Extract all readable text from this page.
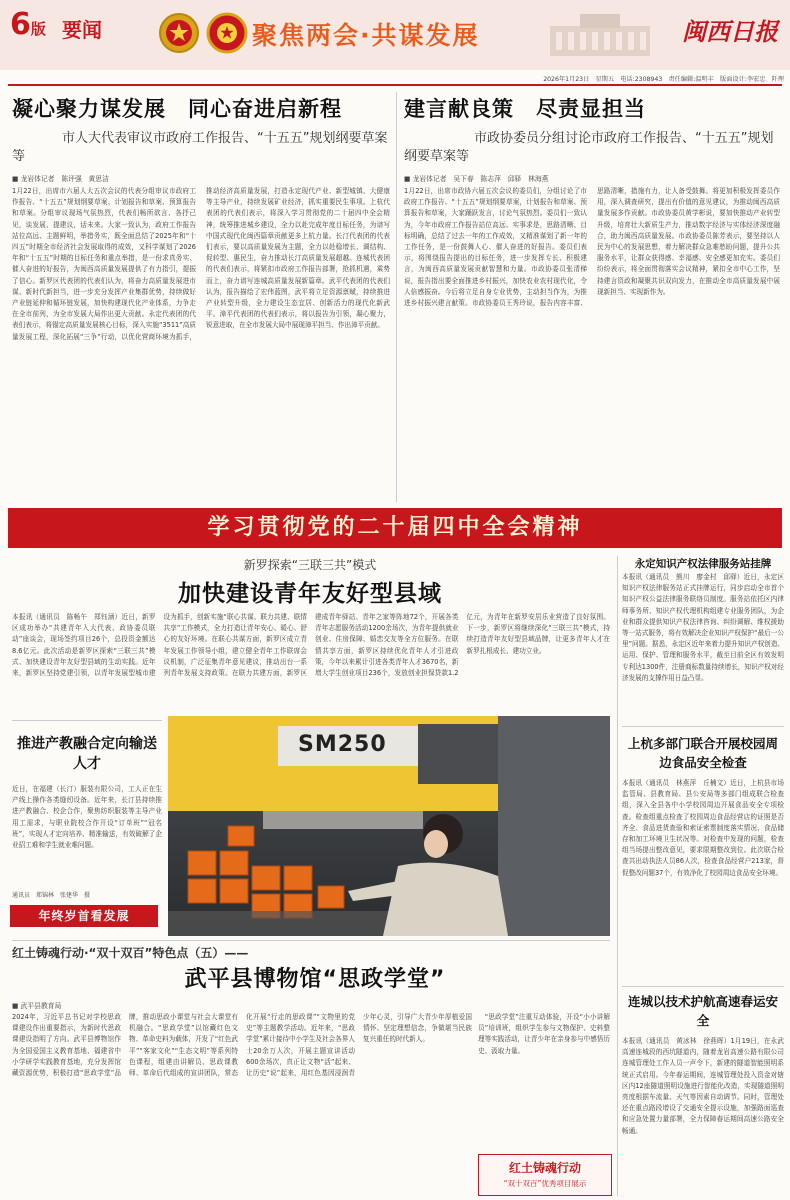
6版 要闻	聚焦两会·共谋发展	闽西日报
2026年1月23日　星期五　电话:2308943　责任编辑:温明丰　版面设计:李宏忠　阡理
凝心聚力谋发展　同心奋进启新程
市人大代表审议市政府工作报告、“十五五”规划纲要草案等
■ 龙岩体记者　陈评强　黄思洁
1月22日，出席市六届人大五次会议的代表分组审议市政府工作报告、“十五五”规划纲要草案、计划报告和草案、预算报告和草案。分组审议现场气氛热烈，代表们畅所欲言、各抒己见，谈发展、提建议，话未来。大家一致认为，政府工作报告站位高远、主题鲜明，举措务实，既全面总结了2025年和“十四五”时期全市经济社会发展取得的成效，又科学谋划了2026年和“十五五”时期的目标任务和重点举措，是一份求真务实、催人奋进的好报告，为闽西高质量发展提供了有力指引，提振了信心。新罗区代表团的代表们认为，将奋力高质量发展进市谋、新时代新担当，进一步充分发挥产业集群优势，持续做好产业链延伸和循环链发展，加快构建现代化产业体系，力争走在全市前列，为全市发展大局作出更大贡献。永定代表团的代表们表示，将锚定高质量发展核心目标，深入实施“3511”高质量发展工程，深化拓展“三争”行动，以优化营商环境为抓手，推动经济高质量发展，打造永定现代产业、新型城镇、大健康等主导产业，持续发展矿业经济，抓实重要民生事项。上杭代表团的代表们表示，将深入学习贯彻党的二十届四中全会精神，统筹推进城乡建设，全力以赴完成年度目标任务，为谱写中国式现代化闽西篇章贡献更多上杭力量。长汀代表团的代表们表示，要以高质量发展为主题，全力以赴稳增长、调结构、促转型、惠民生，奋力推动长汀高质量发展超越。连城代表团的代表们表示，将紧扣市政府工作报告部署，抢抓机遇，乘势而上，奋力谱写连城高质量发展新篇章。武平代表团的代表们认为，报告描绘了宏伟蓝图，武平将立足资源禀赋，持续推进产业转型升级，全力建设生态宜居、创新活力的现代化新武平。漳平代表团的代表们表示，将以报告为引领，凝心聚力，锐意进取，在全市发展大局中展现漳平担当、作出漳平贡献。
建言献良策　尽责显担当
市政协委员分组讨论市政府工作报告、“十五五”规划纲要草案等
■ 龙岩体记者　吴下春　陈志萍　邱驿　林海燕
1月22日，出席市政协六届五次会议的委员们，分组讨论了市政府工作报告、“十五五”规划纲要草案，计划报告和草案、预算报告和草案，大家踊跃发言，讨论气氛热烈。委员们一致认为，今年市政府工作报告站位高远、实事求是，思路清晰、目标明确，总结了过去一年的工作成效，又精准谋划了新一年的工作任务，是一份鼓舞人心、催人奋进的好报告。委员们表示，将围绕报告提出的目标任务，进一步发挥专长、积极建言，为闽西高质量发展贡献智慧和力量。市政协委员张清梯说，报告指出要全面推进乡村振兴，加快农业农村现代化，令人倍感振奋。今后将立足自身专业优势，主动担当作为，为推进乡村振兴建言献策。市政协委员王秀玲说，报告内容丰富、思路清晰，措施有力，让人备受鼓舞。将更加积极发挥委员作用，深入调查研究，提出有价值的意见建议，为推动闽西高质量发展多作贡献。市政协委员黄学彬说，要加快推动产业转型升级，培育壮大新质生产力，推动数字经济与实体经济深度融合，助力闽西高质量发展。市政协委员陈芳表示，要坚持以人民为中心的发展思想，着力解决群众急难愁盼问题，提升公共服务水平，让群众获得感、幸福感、安全感更加充实。委员们纷纷表示，将全面贯彻落实会议精神，紧扣全市中心工作，坚持建言资政和凝聚共识双向发力，在推动全市高质量发展中展现新担当、实现新作为。
学习贯彻党的二十届四中全会精神
新罗探索“三联三共”模式
加快建设青年友好型县域
本报讯（通讯员　陈畅午　郑钰涵）近日，新罗区成功举办“共建青年入大代表、政协委员联动”座谈会，现场签约项目26个，总投资金额达8.6亿元。此次活动是新罗区探索“三联三共”模式、加快建设青年友好型县域的生动实践。近年来，新罗区坚持党建引领，以青年发展型城市建设为抓手，创新实施“联心共谋、联力共建、联情共享”工作模式，全力打造让青年安心、暖心、舒心的友好环境。在联心共谋方面，新罗区成立青年发展工作领导小组，建立健全青年工作联席会议机制，广泛征集青年意见建议，推动出台一系列青年发展支持政策。在联力共建方面，新罗区建成青年驿站、青年之家等阵地72个，开展各类青年志愿服务活动1200余场次，为青年提供就业创业、住房保障、婚恋交友等全方位服务。在联情共享方面，新罗区持续优化青年人才引进政策，今年以来累计引进各类青年人才3670名，新增大学生创业项目236个，发放创业担保贷款1.2亿元，为青年在新罗安居乐业营造了良好氛围。下一步，新罗区将继续深化“三联三共”模式，持续打造青年友好型县域品牌，让更多青年人才在新罗扎根成长、建功立业。
永定知识产权法律服务站挂牌
本报讯（通讯员　熊川　廖金村　邱驿）近日，永定区知识产权法律服务站正式挂牌运行，同步启动全市首个知识产权公益法律服务联络员制度。服务站依托区内律师事务所、知识产权代理机构组建专业服务团队，为企业和群众提供知识产权法律咨询、纠纷调解、维权援助等一站式服务，将有效解决企业知识产权保护“最后一公里”问题。据悉，永定区近年来着力提升知识产权创造、运用、保护、管理和服务水平，截至目前全区有效发明专利达1300件，注册商标数量持续增长，知识产权对经济发展的支撑作用日益凸显。
推进产教融合定向输送人才
近日，在福建（长汀）服装有限公司，工人正在生产线上操作各类缝纫设备。近年来，长汀县持续推进产教融合、校企合作，聚焦纺织服装等主导产业用工需求，与职业院校合作开设“订单班”“冠名班”，实现人才定向培养、精准输送，有效破解了企业招工难和学生就业难问题。
通讯员　郑锦林　张建华　摄
年终岁首看发展
SM250	上杭多部门联合开展校园周边食品安全检查
本报讯（通讯员　林燕萍　丘楠文）近日，上杭县市场监管局、县教育局、县公安局等多部门组成联合检查组，深入全县各中小学校园周边开展食品安全专项检查。检查组重点检查了校园周边食品经营店的证照是否齐全、食品进货查验和索证索票制度落实情况、食品储存和加工环境卫生状况等。对检查中发现的问题，检查组当场提出整改意见，要求限期整改到位。此次联合检查共出动执法人员86人次，检查食品经营户213家，督促整改问题37个，有效净化了校园周边食品安全环境。
连城以技术护航高速春运安全
本报讯（通讯员　黄冰林　徐燕晖）1月19日，在永武高速连城段的西坑隧道内，随着龙岩高速公路有限公司连城管理处工作人员一声令下，新建的隧道智能照明系统正式启用。今年春运期间，连城管理处投入资金对辖区内12座隧道照明设施进行智能化改造，实现隧道照明亮度根据车流量、天气等因素自动调节。同时，管理处还在重点路段增设了交通安全提示设施，加强路面巡查和应急处置力量部署，全力保障春运期间高速公路安全畅通。
红土铸魂行动·“双十双百”特色点（五）——
武平县博物馆“思政学堂”
■ 武平县教育局
2024年，习近平总书记对学校思政课建设作出重要指示，为新时代思政课建设指明了方向。武平县博物馆作为全国爱国主义教育基地、福建省中小学研学实践教育基地，充分发挥馆藏资源优势，积极打造“思政学堂”品牌，推动思政小课堂与社会大课堂有机融合。“思政学堂”以馆藏红色文物、革命史料为载体，开发了“红色武平”“客家文化”“生态文明”等系列特色课程，组建由讲解员、思政课教师、革命后代组成的宣讲团队，常态化开展“行走的思政课”“文物里的党史”等主题教学活动。近年来，“思政学堂”累计接待中小学生及社会各界人士20余万人次，开展主题宣讲活动600余场次，真正让文物“活”起来、让历史“说”起来，用红色基因浸润青少年心灵，引导广大青少年厚植爱国情怀、坚定理想信念，争做堪当民族复兴重任的时代新人。
　“思政学堂”注重互动体验，开设“小小讲解员”培训班，组织学生参与文物保护、史料整理等实践活动，让青少年在亲身参与中感悟历史、汲取力量。
红土铸魂行动
“双十双百”优秀项目展示
